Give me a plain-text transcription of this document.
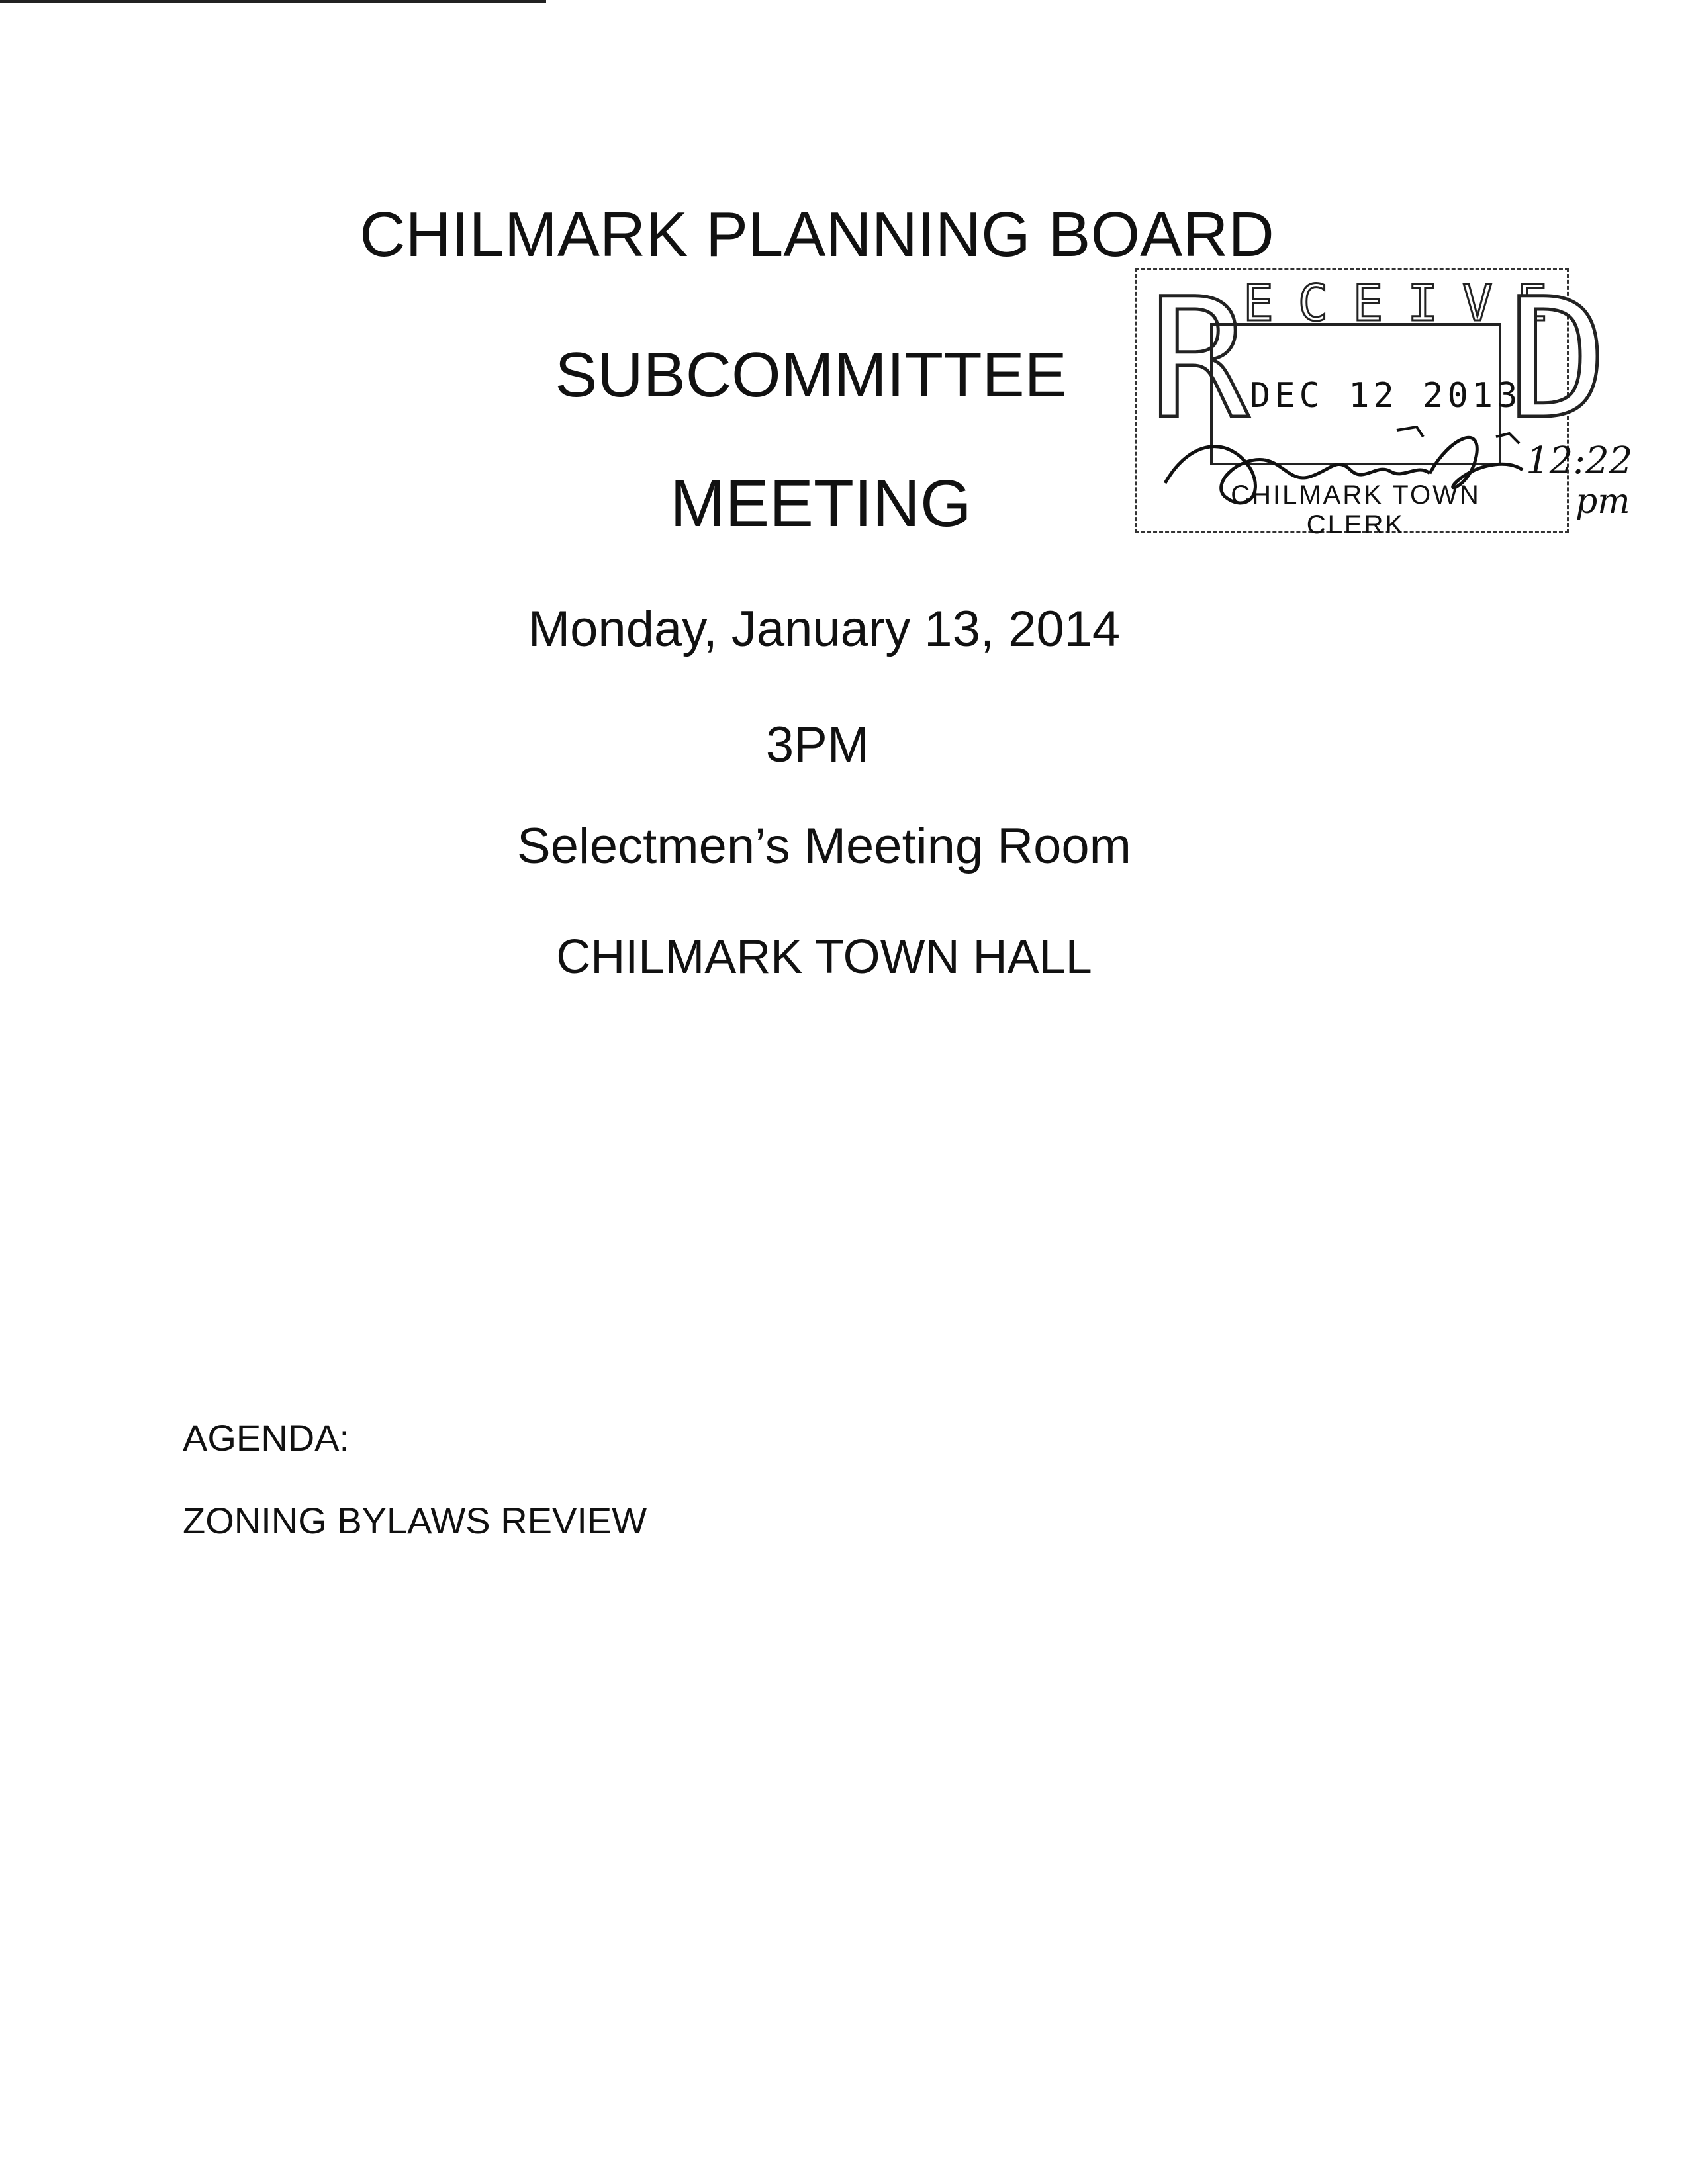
CHILMARK PLANNING BOARD
SUBCOMMITTEE
MEETING
Monday, January 13, 2014
3PM
Selectmen’s Meeting Room
CHILMARK TOWN HALL
AGENDA:
ZONING BYLAWS REVIEW
R
ECEIVE
D
DEC 12 2013
CHILMARK TOWN CLERK
12:22
pm
